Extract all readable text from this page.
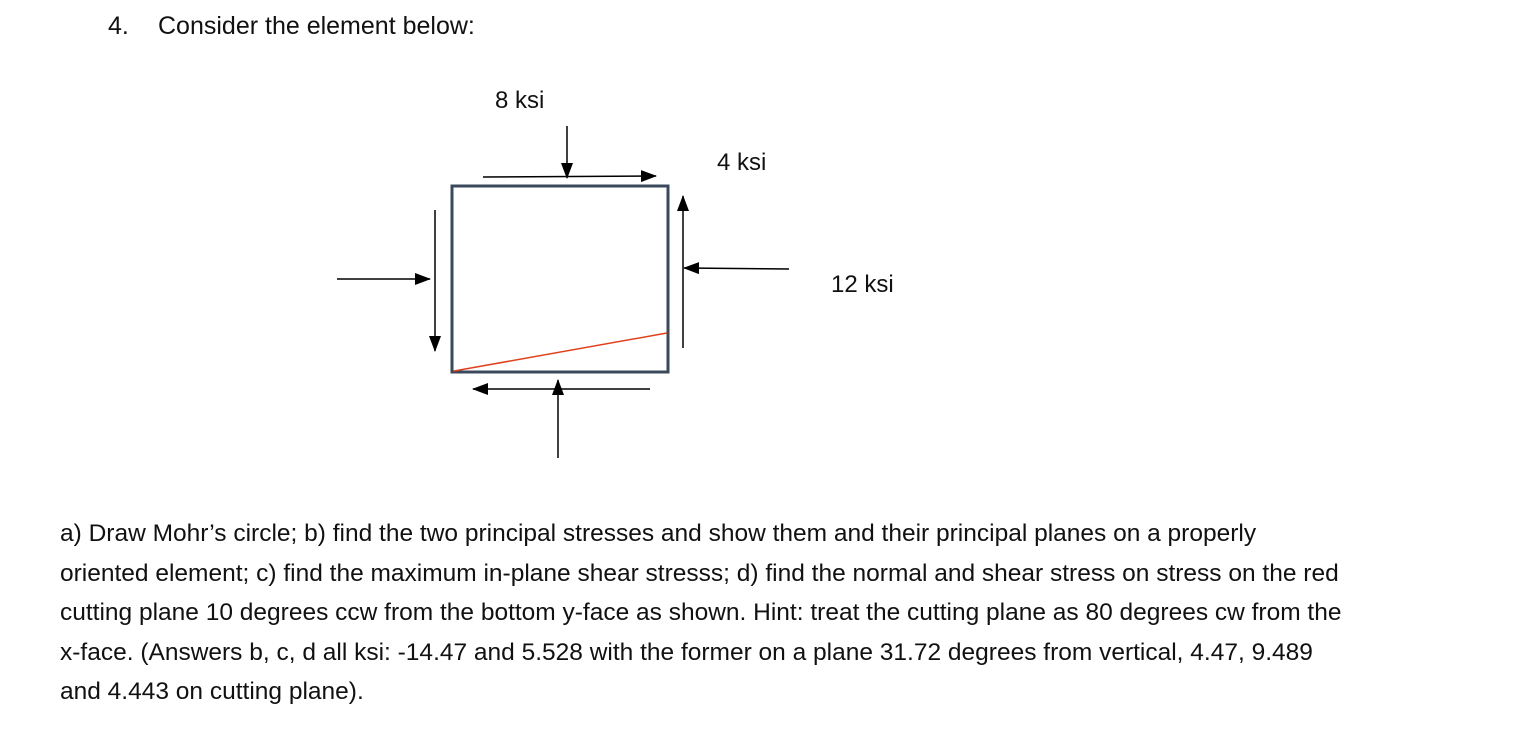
4. Consider the element below:
8 ksi
4 ksi
12 ksi

a) Draw Mohr’s circle; b) find the two principal stresses and show them and their principal planes on a properly oriented element; c) find the maximum in-plane shear stresss; d) find the normal and shear stress on stress on the red cutting plane 10 degrees ccw from the bottom y-face as shown. Hint: treat the cutting plane as 80 degrees cw from the x-face. (Answers b, c, d all ksi: -14.47 and 5.528 with the former on a plane 31.72 degrees from vertical, 4.47, 9.489 and 4.443 on cutting plane).
